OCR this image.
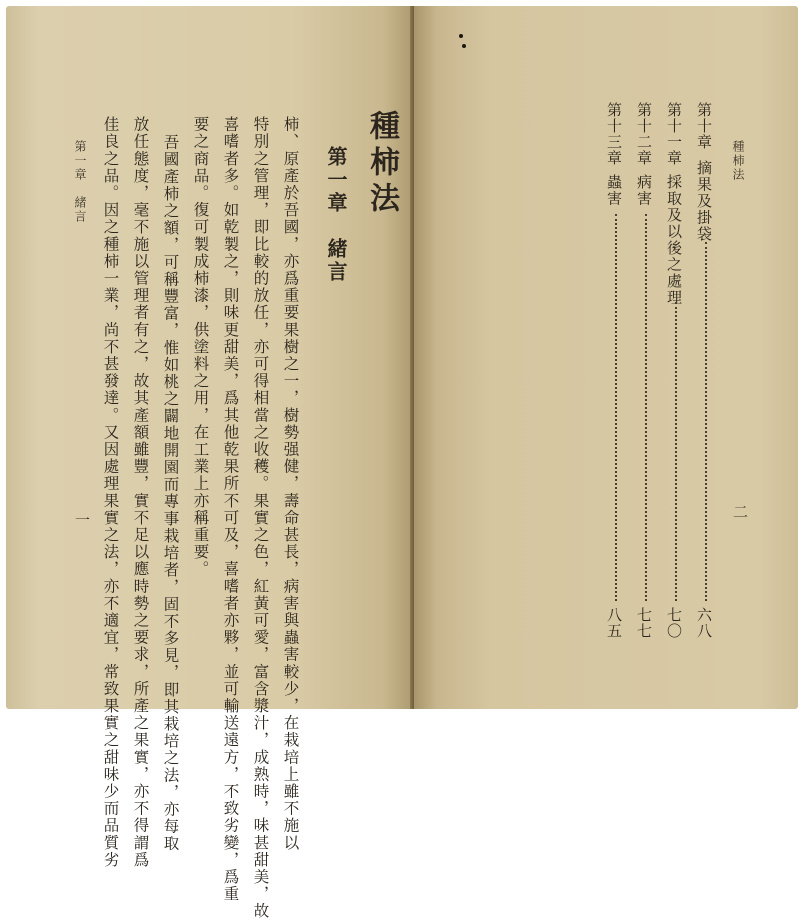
種柿法
第一章　緒言
柿、原產於吾國，亦爲重要果樹之一，樹勢强健，壽命甚長，病害與蟲害較少，在栽培上雖不施以
特別之管理，即比較的放任，亦可得相當之收穫。果實之色，紅黃可愛，富含漿汁，成熟時，味甚甜美，故
喜嗜者多。如乾製之，則味更甜美，爲其他乾果所不可及，喜嗜者亦夥，並可輸送遠方，不致劣變，爲重
要之商品。復可製成柿漆，供塗料之用，在工業上亦稱重要。
吾國產柿之額，可稱豐富，惟如桃之闢地開園而專事栽培者，固不多見，即其栽培之法，亦每取
放任態度，毫不施以管理者有之，故其產額雖豐，實不足以應時勢之要求，所產之果實，亦不得謂爲
佳良之品。因之種柿一業，尚不甚發達。又因處理果實之法，亦不適宜，常致果實之甜味少而品質劣
第一章　緒言
一
種柿法
二
第十章
摘果及掛袋
六八
第十一章
採取及以後之處理
七〇
第十二章
病害
七七
第十三章
蟲害
八五
